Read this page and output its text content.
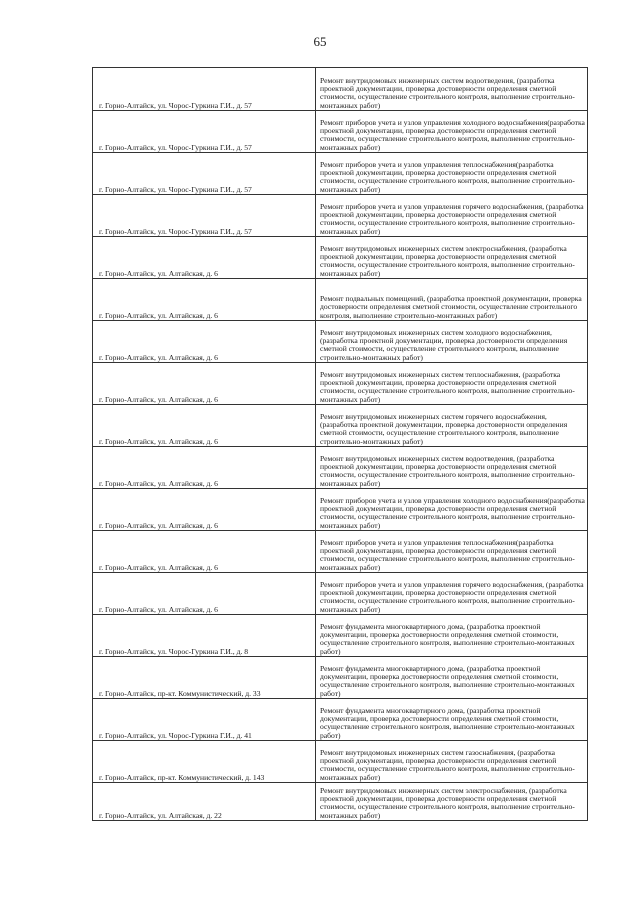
65
г. Горно-Алтайск, ул. Чорос-Гуркина Г.И., д. 57	Ремонт внутридомовых инженерных систем водоотведения, (разработка проектной документации, проверка достоверности определения сметной стоимости, осуществление строительного контроля, выполнение строительно-монтажных работ)
г. Горно-Алтайск, ул. Чорос-Гуркина Г.И., д. 57	Ремонт приборов учета и узлов управления холодного водоснабжения(разработка проектной документации, проверка достоверности определения сметной стоимости, осуществление строительного контроля, выполнение строительно-монтажных работ)
г. Горно-Алтайск, ул. Чорос-Гуркина Г.И., д. 57	Ремонт приборов учета и узлов управления теплоснабжения(разработка проектной документации, проверка достоверности определения сметной стоимости, осуществление строительного контроля, выполнение строительно-монтажных работ)
г. Горно-Алтайск, ул. Чорос-Гуркина Г.И., д. 57	Ремонт приборов учета и узлов управления горячего водоснабжения, (разработка проектной документации, проверка достоверности определения сметной стоимости, осуществление строительного контроля, выполнение строительно-монтажных работ)
г. Горно-Алтайск, ул. Алтайская, д. 6	Ремонт внутридомовых инженерных систем электроснабжения, (разработка проектной документации, проверка достоверности определения сметной стоимости, осуществление строительного контроля, выполнение строительно-монтажных работ)
г. Горно-Алтайск, ул. Алтайская, д. 6	Ремонт подвальных помещений, (разработка проектной документации, проверка достоверности определения сметной стоимости, осуществление строительного контроля, выполнение строительно-монтажных работ)
г. Горно-Алтайск, ул. Алтайская, д. 6	Ремонт внутридомовых инженерных систем холодного водоснабжения, (разработка проектной документации, проверка достоверности определения сметной стоимости, осуществление строительного контроля, выполнение строительно-монтажных работ)
г. Горно-Алтайск, ул. Алтайская, д. 6	Ремонт внутридомовых инженерных систем теплоснабжения, (разработка проектной документации, проверка достоверности определения сметной стоимости, осуществление строительного контроля, выполнение строительно-монтажных работ)
г. Горно-Алтайск, ул. Алтайская, д. 6	Ремонт внутридомовых инженерных систем горячего водоснабжения, (разработка проектной документации, проверка достоверности определения сметной стоимости, осуществление строительного контроля, выполнение строительно-монтажных работ)
г. Горно-Алтайск, ул. Алтайская, д. 6	Ремонт внутридомовых инженерных систем водоотведения, (разработка проектной документации, проверка достоверности определения сметной стоимости, осуществление строительного контроля, выполнение строительно-монтажных работ)
г. Горно-Алтайск, ул. Алтайская, д. 6	Ремонт приборов учета и узлов управления холодного водоснабжения(разработка проектной документации, проверка достоверности определения сметной стоимости, осуществление строительного контроля, выполнение строительно-монтажных работ)
г. Горно-Алтайск, ул. Алтайская, д. 6	Ремонт приборов учета и узлов управления теплоснабжения(разработка проектной документации, проверка достоверности определения сметной стоимости, осуществление строительного контроля, выполнение строительно-монтажных работ)
г. Горно-Алтайск, ул. Алтайская, д. 6	Ремонт приборов учета и узлов управления горячего водоснабжения, (разработка проектной документации, проверка достоверности определения сметной стоимости, осуществление строительного контроля, выполнение строительно-монтажных работ)
г. Горно-Алтайск, ул. Чорос-Гуркина Г.И., д. 8	Ремонт фундамента многоквартирного дома, (разработка проектной документации, проверка достоверности определения сметной стоимости, осуществление строительного контроля, выполнение строительно-монтажных работ)
г. Горно-Алтайск, пр-кт. Коммунистический, д. 33	Ремонт фундамента многоквартирного дома, (разработка проектной документации, проверка достоверности определения сметной стоимости, осуществление строительного контроля, выполнение строительно-монтажных работ)
г. Горно-Алтайск, ул. Чорос-Гуркина Г.И., д. 41	Ремонт фундамента многоквартирного дома, (разработка проектной документации, проверка достоверности определения сметной стоимости, осуществление строительного контроля, выполнение строительно-монтажных работ)
г. Горно-Алтайск, пр-кт. Коммунистический, д. 143	Ремонт внутридомовых инженерных систем газоснабжения, (разработка проектной документации, проверка достоверности определения сметной стоимости, осуществление строительного контроля, выполнение строительно-монтажных работ)
г. Горно-Алтайск, ул. Алтайская, д. 22	Ремонт внутридомовых инженерных систем электроснабжения, (разработка проектной документации, проверка достоверности определения сметной стоимости, осуществление строительного контроля, выполнение строительно-монтажных работ)
